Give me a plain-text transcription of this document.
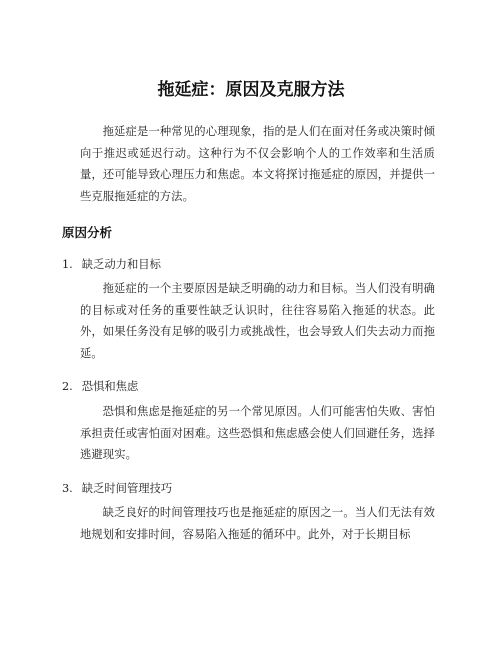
拖延症：原因及克服方法

拖延症是一种常见的心理现象，指的是人们在面对任务或决策时倾向于推迟或延迟行动。这种行为不仅会影响个人的工作效率和生活质量，还可能导致心理压力和焦虑。本文将探讨拖延症的原因，并提供一些克服拖延症的方法。

原因分析
1. 缺乏动力和目标

拖延症的一个主要原因是缺乏明确的动力和目标。当人们没有明确的目标或对任务的重要性缺乏认识时，往往容易陷入拖延的状态。此外，如果任务没有足够的吸引力或挑战性，也会导致人们失去动力而拖延。

2. 恐惧和焦虑

恐惧和焦虑是拖延症的另一个常见原因。人们可能害怕失败、害怕承担责任或害怕面对困难。这些恐惧和焦虑感会使人们回避任务，选择逃避现实。

3. 缺乏时间管理技巧

缺乏良好的时间管理技巧也是拖延症的原因之一。当人们无法有效地规划和安排时间，容易陷入拖延的循环中。此外，对于长期目标
